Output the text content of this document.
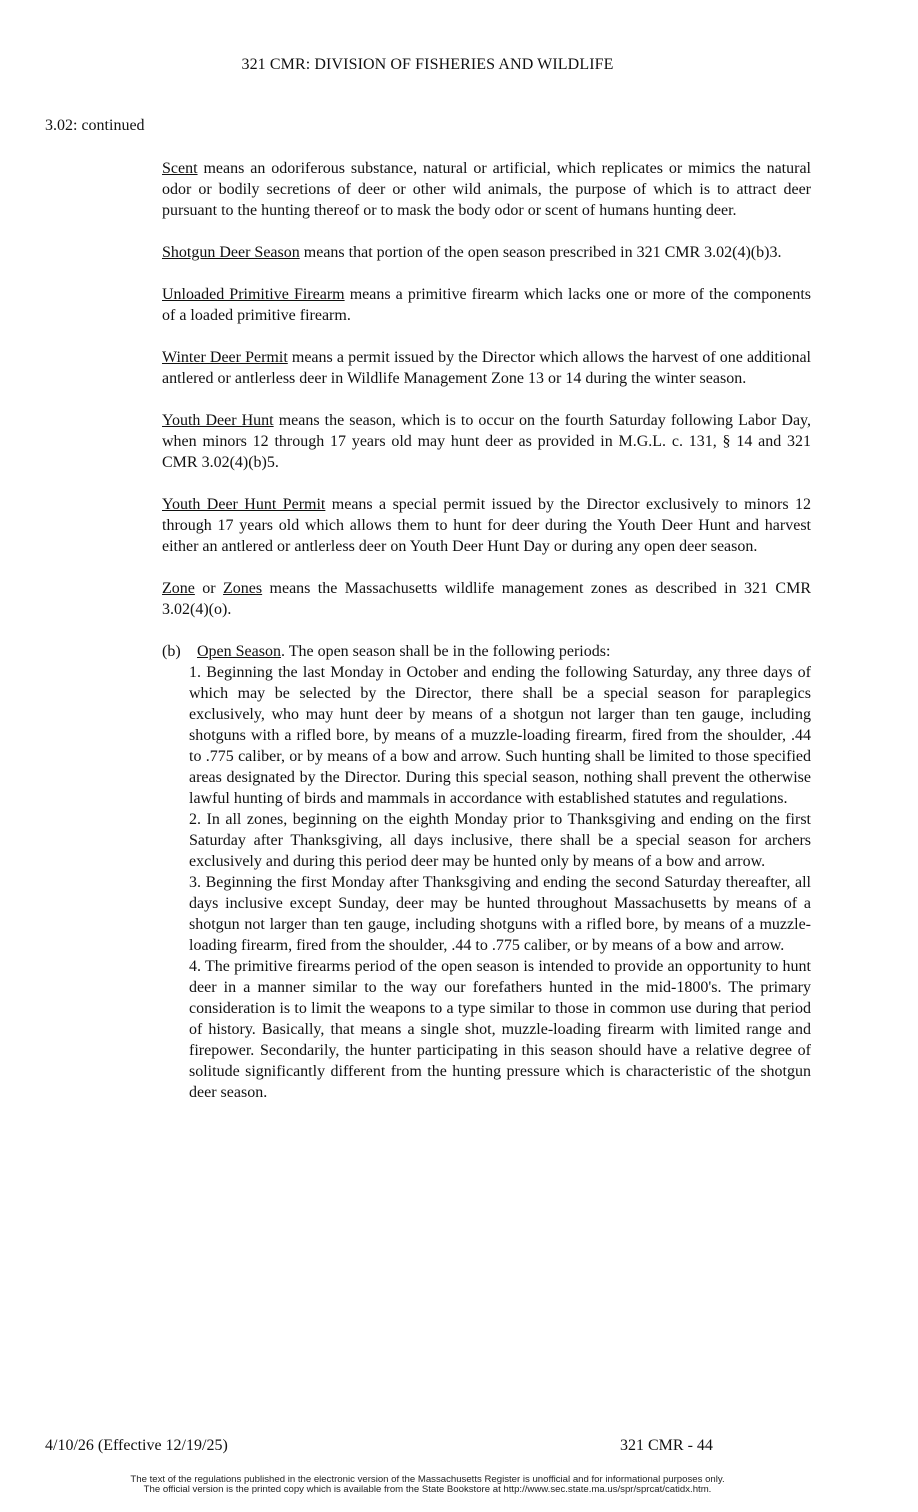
321 CMR: DIVISION OF FISHERIES AND WILDLIFE
3.02: continued

Scent means an odoriferous substance, natural or artificial, which replicates or mimics the natural odor or bodily secretions of deer or other wild animals, the purpose of which is to attract deer pursuant to the hunting thereof or to mask the body odor or scent of humans hunting deer.

Shotgun Deer Season means that portion of the open season prescribed in 321 CMR 3.02(4)(b)3.

Unloaded Primitive Firearm means a primitive firearm which lacks one or more of the components of a loaded primitive firearm.

Winter Deer Permit means a permit issued by the Director which allows the harvest of one additional antlered or antlerless deer in Wildlife Management Zone 13 or 14 during the winter season.

Youth Deer Hunt means the season, which is to occur on the fourth Saturday following Labor Day, when minors 12 through 17 years old may hunt deer as provided in M.G.L. c. 131, § 14 and 321 CMR 3.02(4)(b)5.

Youth Deer Hunt Permit means a special permit issued by the Director exclusively to minors 12 through 17 years old which allows them to hunt for deer during the Youth Deer Hunt and harvest either an antlered or antlerless deer on Youth Deer Hunt Day or during any open deer season.

Zone or Zones means the Massachusetts wildlife management zones as described in 321 CMR 3.02(4)(o).

(b) Open Season. The open season shall be in the following periods:

1. Beginning the last Monday in October and ending the following Saturday, any three days of which may be selected by the Director, there shall be a special season for paraplegics exclusively, who may hunt deer by means of a shotgun not larger than ten gauge, including shotguns with a rifled bore, by means of a muzzle-loading firearm, fired from the shoulder, .44 to .775 caliber, or by means of a bow and arrow. Such hunting shall be limited to those specified areas designated by the Director. During this special season, nothing shall prevent the otherwise lawful hunting of birds and mammals in accordance with established statutes and regulations.

2. In all zones, beginning on the eighth Monday prior to Thanksgiving and ending on the first Saturday after Thanksgiving, all days inclusive, there shall be a special season for archers exclusively and during this period deer may be hunted only by means of a bow and arrow.

3. Beginning the first Monday after Thanksgiving and ending the second Saturday thereafter, all days inclusive except Sunday, deer may be hunted throughout Massachusetts by means of a shotgun not larger than ten gauge, including shotguns with a rifled bore, by means of a muzzle-loading firearm, fired from the shoulder, .44 to .775 caliber, or by means of a bow and arrow.

4. The primitive firearms period of the open season is intended to provide an opportunity to hunt deer in a manner similar to the way our forefathers hunted in the mid-1800's. The primary consideration is to limit the weapons to a type similar to those in common use during that period of history. Basically, that means a single shot, muzzle-loading firearm with limited range and firepower. Secondarily, the hunter participating in this season should have a relative degree of solitude significantly different from the hunting pressure which is characteristic of the shotgun deer season.

4/10/26 (Effective 12/19/25)	321 CMR - 44
The text of the regulations published in the electronic version of the Massachusetts Register is unofficial and for informational purposes only.
The official version is the printed copy which is available from the State Bookstore at http://www.sec.state.ma.us/spr/sprcat/catidx.htm.
